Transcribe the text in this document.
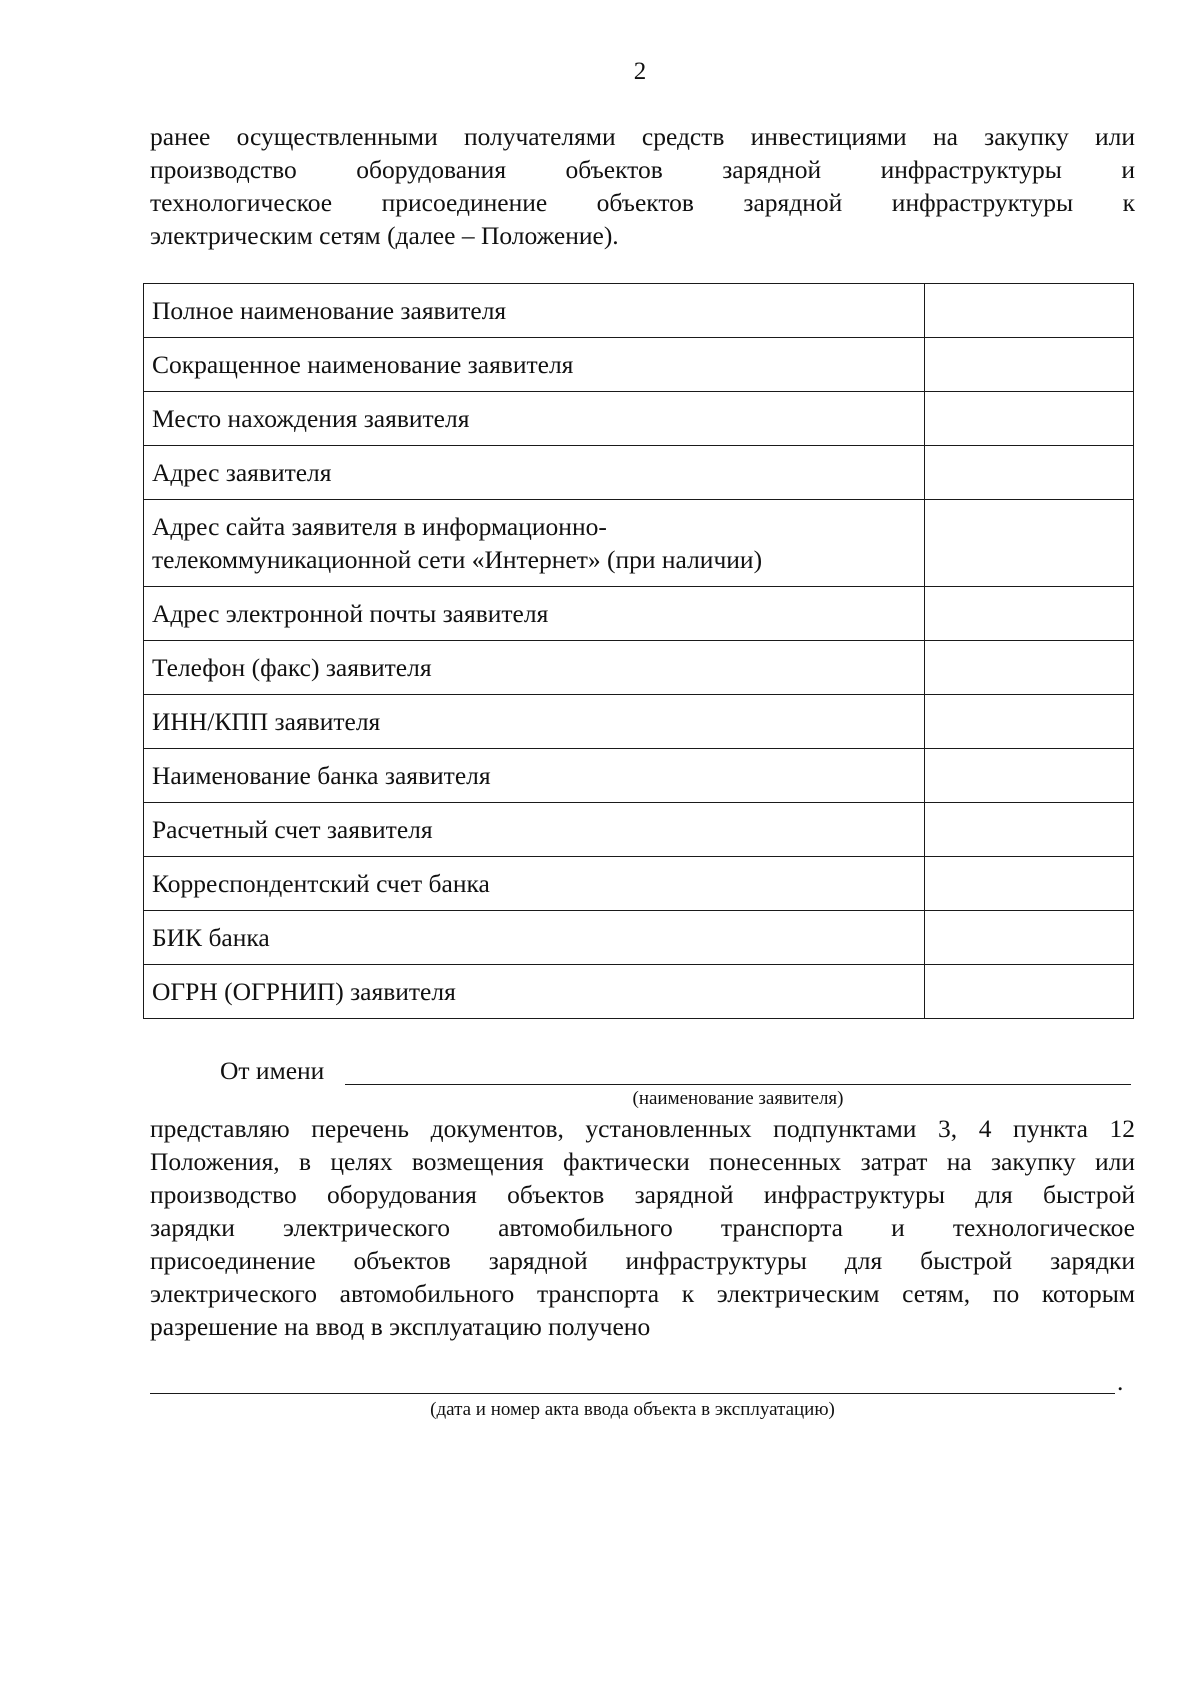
2
ранее осуществленными получателями средств инвестициями на закупку или
производство оборудования объектов зарядной инфраструктуры и
технологическое присоединение объектов зарядной инфраструктуры к
электрическим сетям (далее – Положение).
Полное наименование заявителя	
Сокращенное наименование заявителя	
Место нахождения заявителя	
Адрес заявителя	

Адрес сайта заявителя в информационно-
телекоммуникационной сети «Интернет» (при наличии)	

Адрес электронной почты заявителя	
Телефон (факс) заявителя	
ИНН/КПП заявителя	
Наименование банка заявителя	
Расчетный счет заявителя	
Корреспондентский счет банка	
БИК банка	
ОГРН (ОГРНИП) заявителя	
От имени
(наименование заявителя)
представляю перечень документов, установленных подпунктами 3, 4 пункта 12
Положения, в целях возмещения фактически понесенных затрат на закупку или
производство оборудования объектов зарядной инфраструктуры для быстрой
зарядки электрического автомобильного транспорта и технологическое
присоединение объектов зарядной инфраструктуры для быстрой зарядки
электрического автомобильного транспорта к электрическим сетям, по которым
разрешение на ввод в эксплуатацию получено
.
(дата и номер акта ввода объекта в эксплуатацию)
